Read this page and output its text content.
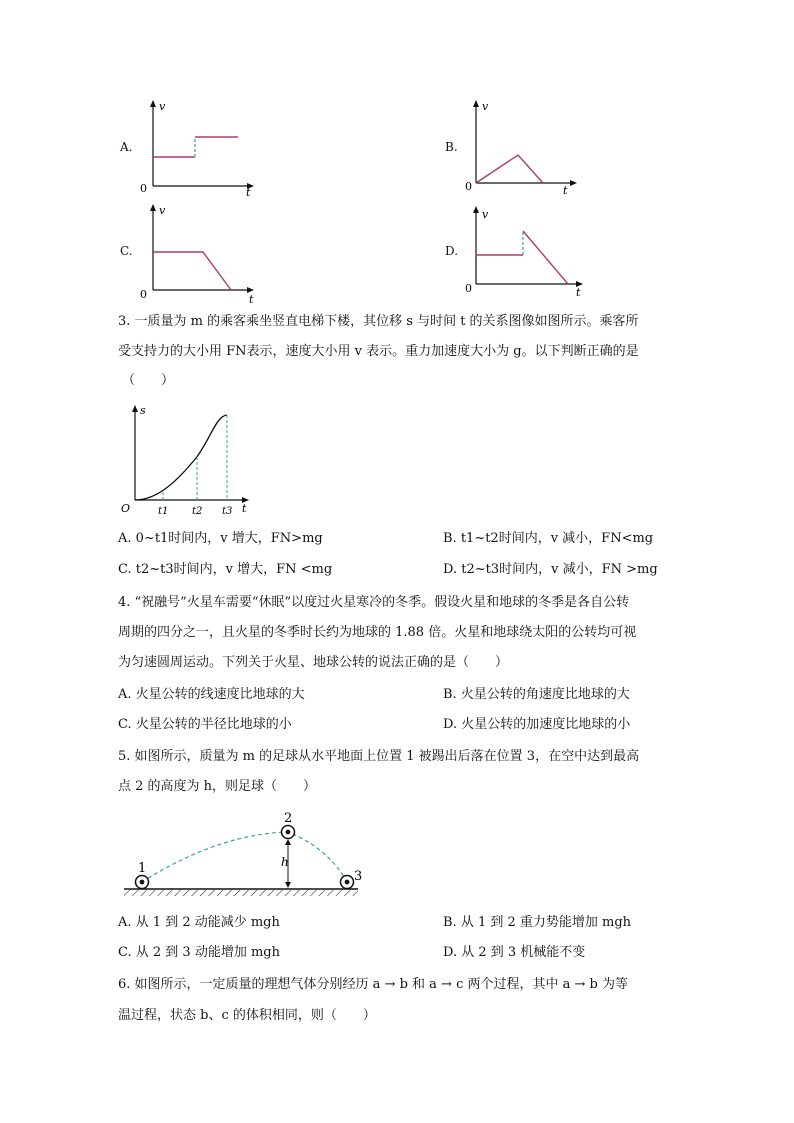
A.
v
t
0
B.
v
t
0
C.
v
t
0
D.
v
t
0
3. 一质量为 m 的乘客乘坐竖直电梯下楼，其位移 s 与时间 t 的关系图像如图所示。乘客所
受支持力的大小用 FN表示，速度大小用 v 表示。重力加速度大小为 g。以下判断正确的是
（　　）
s
t
O	t1 t2 t3
A. 0~t1时间内，v 增大，FN>mg	B. t1~t2时间内，v 减小，FN<mg
C. t2~t3时间内，v 增大，FN <mg	D. t2~t3时间内，v 减小，FN >mg
4. “祝融号”火星车需要“休眠”以度过火星寒冷的冬季。假设火星和地球的冬季是各自公转
周期的四分之一，且火星的冬季时长约为地球的 1.88 倍。火星和地球绕太阳的公转均可视
为匀速圆周运动。下列关于火星、地球公转的说法正确的是（　　）
A. 火星公转的线速度比地球的大	B. 火星公转的角速度比地球的大
C. 火星公转的半径比地球的小	D. 火星公转的加速度比地球的小
5. 如图所示，质量为 m 的足球从水平地面上位置 1 被踢出后落在位置 3，在空中达到最高
点 2 的高度为 h，则足球（　　）
1
2
3
h
A. 从 1 到 2 动能减少 mgh	B. 从 1 到 2 重力势能增加 mgh
C. 从 2 到 3 动能增加 mgh	D. 从 2 到 3 机械能不变
6. 如图所示，一定质量的理想气体分别经历 a → b 和 a → c 两个过程，其中 a → b 为等
温过程，状态 b、c 的体积相同，则（　　）
